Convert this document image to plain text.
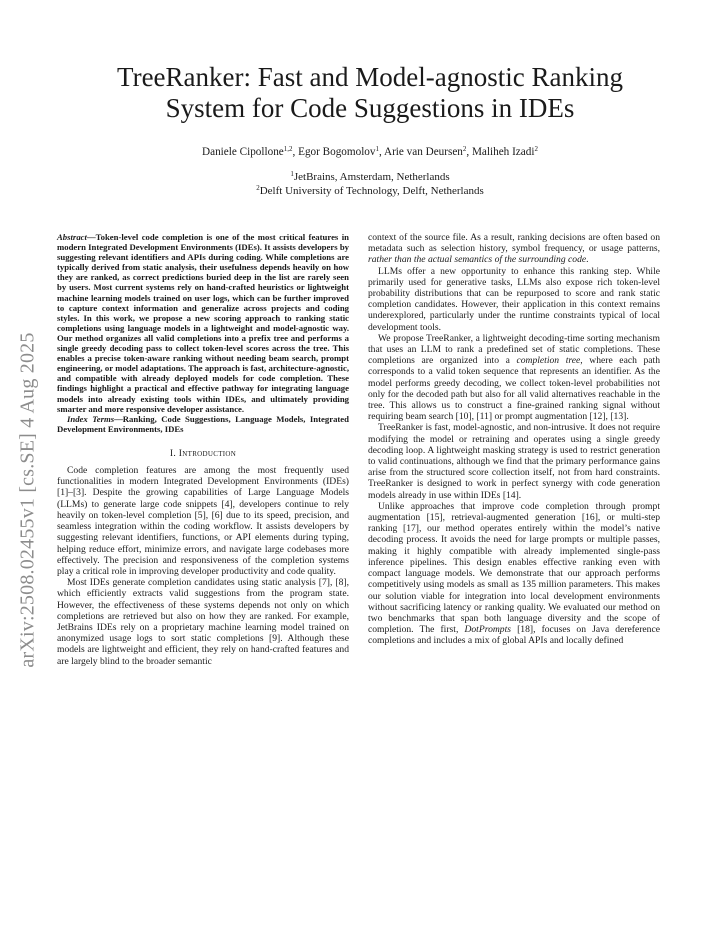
arXiv:2508.02455v1 [cs.SE] 4 Aug 2025
TreeRanker: Fast and Model-agnostic Ranking
System for Code Suggestions in IDEs
Daniele Cipollone$^{1,2}$, Egor Bogomolov$^1$, Arie van Deursen$^2$, Maliheh Izadi$^2$
$^1$JetBrains, Amsterdam, Netherlands
$^2$Delft University of Technology, Delft, Netherlands

Abstract—Token-level code completion is one of the most critical features in modern Integrated Development Environments (IDEs). It assists developers by suggesting relevant identifiers and APIs during coding. While completions are typically derived from static analysis, their usefulness depends heavily on how they are ranked, as correct predictions buried deep in the list are rarely seen by users. Most current systems rely on hand-crafted heuristics or lightweight machine learning models trained on user logs, which can be further improved to capture context information and generalize across projects and coding styles. In this work, we propose a new scoring approach to ranking static completions using language models in a lightweight and model-agnostic way. Our method organizes all valid completions into a prefix tree and performs a single greedy decoding pass to collect token-level scores across the tree. This enables a precise token-aware ranking without needing beam search, prompt engineering, or model adaptations. The approach is fast, architecture-agnostic, and compatible with already deployed models for code completion. These findings highlight a practical and effective pathway for integrating language models into already existing tools within IDEs, and ultimately providing smarter and more responsive developer assistance.

Index Terms—Ranking, Code Suggestions, Language Models, Integrated Development Environments, IDEs

I. Introduction

Code completion features are among the most frequently used functionalities in modern Integrated Development Environments (IDEs) [1]–[3]. Despite the growing capabilities of Large Language Models (LLMs) to generate large code snippets [4], developers continue to rely heavily on token-level completion [5], [6] due to its speed, precision, and seamless integration within the coding workflow. It assists developers by suggesting relevant identifiers, functions, or API elements during typing, helping reduce effort, minimize errors, and navigate large codebases more effectively. The precision and responsiveness of the completion systems play a critical role in improving developer productivity and code quality.

Most IDEs generate completion candidates using static analysis [7], [8], which efficiently extracts valid suggestions from the program state. However, the effectiveness of these systems depends not only on which completions are retrieved but also on how they are ranked. For example, JetBrains IDEs rely on a proprietary machine learning model trained on anonymized usage logs to sort static completions [9]. Although these models are lightweight and efficient, they rely on hand-crafted features and are largely blind to the broader semantic

context of the source file. As a result, ranking decisions are often based on metadata such as selection history, symbol frequency, or usage patterns, rather than the actual semantics of the surrounding code.

LLMs offer a new opportunity to enhance this ranking step. While primarily used for generative tasks, LLMs also expose rich token-level probability distributions that can be repurposed to score and rank static completion candidates. However, their application in this context remains underexplored, particularly under the runtime constraints typical of local development tools.

We propose TreeRanker, a lightweight decoding-time sorting mechanism that uses an LLM to rank a predefined set of static completions. These completions are organized into a completion tree, where each path corresponds to a valid token sequence that represents an identifier. As the model performs greedy decoding, we collect token-level probabilities not only for the decoded path but also for all valid alternatives reachable in the tree. This allows us to construct a fine-grained ranking signal without requiring beam search [10], [11] or prompt augmentation [12], [13].

TreeRanker is fast, model-agnostic, and non-intrusive. It does not require modifying the model or retraining and operates using a single greedy decoding loop. A lightweight masking strategy is used to restrict generation to valid continuations, although we find that the primary performance gains arise from the structured score collection itself, not from hard constraints. TreeRanker is designed to work in perfect synergy with code generation models already in use within IDEs [14].

Unlike approaches that improve code completion through prompt augmentation [15], retrieval-augmented generation [16], or multi-step ranking [17], our method operates entirely within the model’s native decoding process. It avoids the need for large prompts or multiple passes, making it highly compatible with already implemented single-pass inference pipelines. This design enables effective ranking even with compact language models. We demonstrate that our approach performs competitively using models as small as 135 million parameters. This makes our solution viable for integration into local development environments without sacrificing latency or ranking quality. We evaluated our method on two benchmarks that span both language diversity and the scope of completion. The first, DotPrompts [18], focuses on Java dereference completions and includes a mix of global APIs and locally defined
